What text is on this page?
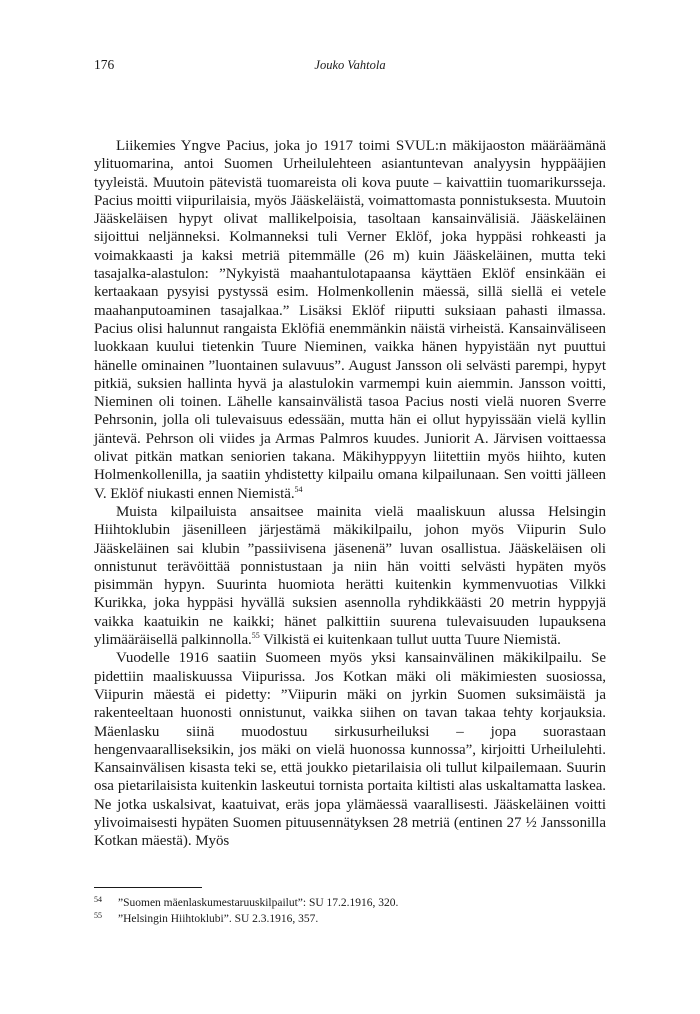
176	Jouko Vahtola

Liikemies Yngve Pacius, joka jo 1917 toimi SVUL:n mäkijaoston määräämänä ylituomarina, antoi Suomen Urheilulehteen asiantuntevan analyysin hyppääjien tyyleistä. Muutoin pätevistä tuomareista oli kova puute – kaivattiin tuomarikursseja. Pacius moitti viipurilaisia, myös Jääskeläistä, voimattomasta ponnistuksesta. Muutoin Jääskeläisen hypyt olivat mallikelpoisia, tasoltaan kansainvälisiä. Jääskeläinen sijoittui neljänneksi. Kolmanneksi tuli Verner Eklöf, joka hyppäsi rohkeasti ja voimakkaasti ja kaksi metriä pitemmälle (26 m) kuin Jääskeläinen, mutta teki tasajalka-alastulon: ”Nykyistä maahantulotapaansa käyttäen Eklöf ensinkään ei kertaakaan pysyisi pystyssä esim. Holmenkollenin mäessä, sillä siellä ei vetele maahanputoaminen tasajalkaa.” Lisäksi Eklöf riiputti suksiaan pahasti ilmassa. Pacius olisi halunnut rangaista Eklöfiä enemmänkin näistä virheistä. Kansainväliseen luokkaan kuului tietenkin Tuure Nieminen, vaikka hänen hypyistään nyt puuttui hänelle ominainen ”luontainen sulavuus”. August Jansson oli selvästi parempi, hypyt pitkiä, suksien hallinta hyvä ja alastulokin varmempi kuin aiemmin. Jansson voitti, Nieminen oli toinen. Lähelle kansainvälistä tasoa Pacius nosti vielä nuoren Sverre Pehrsonin, jolla oli tulevaisuus edessään, mutta hän ei ollut hypyissään vielä kyllin jäntevä. Pehrson oli viides ja Armas Palmros kuudes. Juniorit A. Järvisen voittaessa olivat pitkän matkan seniorien takana. Mäkihyppyyn liitettiin myös hiihto, kuten Holmenkollenilla, ja saatiin yhdistetty kilpailu omana kilpailunaan. Sen voitti jälleen V. Eklöf niukasti ennen Niemistä.$^{54}$

Muista kilpailuista ansaitsee mainita vielä maaliskuun alussa Helsingin Hiihtoklubin jäsenilleen järjestämä mäkikilpailu, johon myös Viipurin Sulo Jääskeläinen sai klubin ”passiivisena jäsenenä” luvan osallistua. Jääskeläisen oli onnistunut terävöittää ponnistustaan ja niin hän voitti selvästi hypäten myös pisimmän hypyn. Suurinta huomiota herätti kuitenkin kymmenvuotias Vilkki Kurikka, joka hyppäsi hyvällä suksien asennolla ryhdikkäästi 20 metrin hyppyjä vaikka kaatuikin ne kaikki; hänet palkittiin suurena tulevaisuuden lupauksena ylimääräisellä palkinnolla.$^{55}$ Vilkistä ei kuitenkaan tullut uutta Tuure Niemistä.

Vuodelle 1916 saatiin Suomeen myös yksi kansainvälinen mäkikilpailu. Se pidettiin maaliskuussa Viipurissa. Jos Kotkan mäki oli mäkimiesten suosiossa, Viipurin mäestä ei pidetty: ”Viipurin mäki on jyrkin Suomen suksimäistä ja rakenteeltaan huonosti onnistunut, vaikka siihen on tavan takaa tehty korjauksia. Mäenlasku siinä muodostuu sirkusurheiluksi – jopa suorastaan hengenvaaralliseksikin, jos mäki on vielä huonossa kunnossa”, kirjoitti Urheilulehti. Kansainvälisen kisasta teki se, että joukko pietarilaisia oli tullut kilpailemaan. Suurin osa pietarilaisista kuitenkin laskeutui tornista portaita kiltisti alas uskaltamatta laskea. Ne jotka uskalsivat, kaatuivat, eräs jopa ylämäessä vaarallisesti. Jääskeläinen voitti ylivoimaisesti hypäten Suomen pituusennätyksen 28 metriä (entinen 27 ½ Janssonilla Kotkan mäestä). Myös

54 ”Suomen mäenlaskumestaruuskilpailut”: SU 17.2.1916, 320.
55 ”Helsingin Hiihtoklubi”. SU 2.3.1916, 357.
